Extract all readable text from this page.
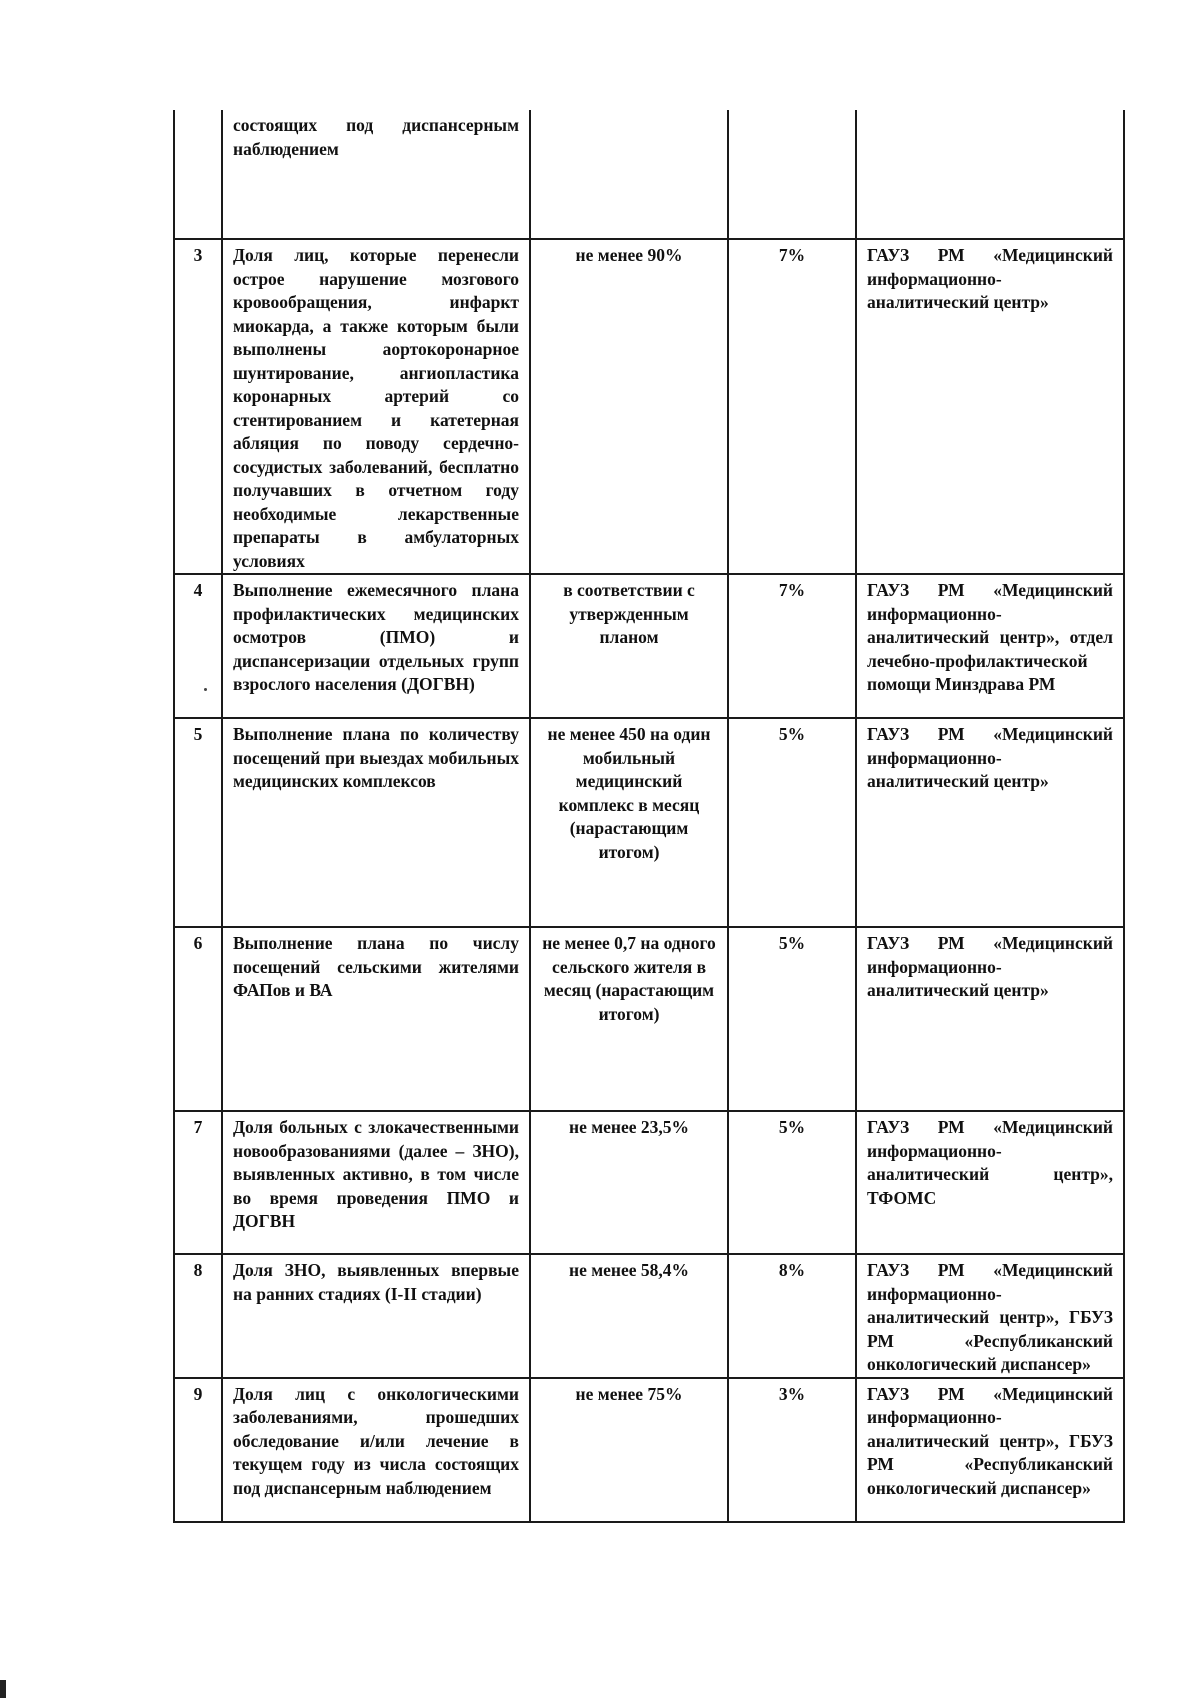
	состоящих под диспансерным наблюдением			

3	Доля лиц, которые перенесли острое нарушение мозгового кровообращения, инфаркт миокарда, а также которым были выполнены аортокоронарное шунтирование, ангиопластика коронарных артерий со стентированием и катетерная абляция по поводу сердечно-сосудистых заболеваний, бесплатно получавших в отчетном году необходимые лекарственные препараты в амбулаторных условиях	не менее 90%	7%	ГАУЗ РМ «Медицинский информационно-аналитический центр»
4	Выполнение ежемесячного плана профилактических медицинских осмотров (ПМО) и диспансеризации отдельных групп взрослого населения (ДОГВН)	в соответствии с утвержденным планом	7%	ГАУЗ РМ «Медицинский информационно-аналитический центр», отдел лечебно-профилактической помощи Минздрава РМ
5	Выполнение плана по количеству посещений при выездах мобильных медицинских комплексов	не менее 450 на один мобильный медицинский комплекс в месяц (нарастающим итогом)	5%	ГАУЗ РМ «Медицинский информационно-аналитический центр»
6	Выполнение плана по числу посещений сельскими жителями ФАПов и ВА	не менее 0,7 на одного сельского жителя в месяц (нарастающим итогом)	5%	ГАУЗ РМ «Медицинский информационно-аналитический центр»
7	Доля больных с злокачественными новообразованиями (далее – ЗНО), выявленных активно, в том числе во время проведения ПМО и ДОГВН	не менее 23,5%	5%	ГАУЗ РМ «Медицинский информационно-аналитический центр», ТФОМС
8	Доля ЗНО, выявленных впервые на ранних стадиях (I-II стадии)	не менее 58,4%	8%	ГАУЗ РМ «Медицинский информационно-аналитический центр», ГБУЗ РМ «Республиканский онкологический диспансер»
9	Доля лиц с онкологическими заболеваниями, прошедших обследование и/или лечение в текущем году из числа состоящих под диспансерным наблюдением	не менее 75%	3%	ГАУЗ РМ «Медицинский информационно-аналитический центр», ГБУЗ РМ «Республиканский онкологический диспансер»
